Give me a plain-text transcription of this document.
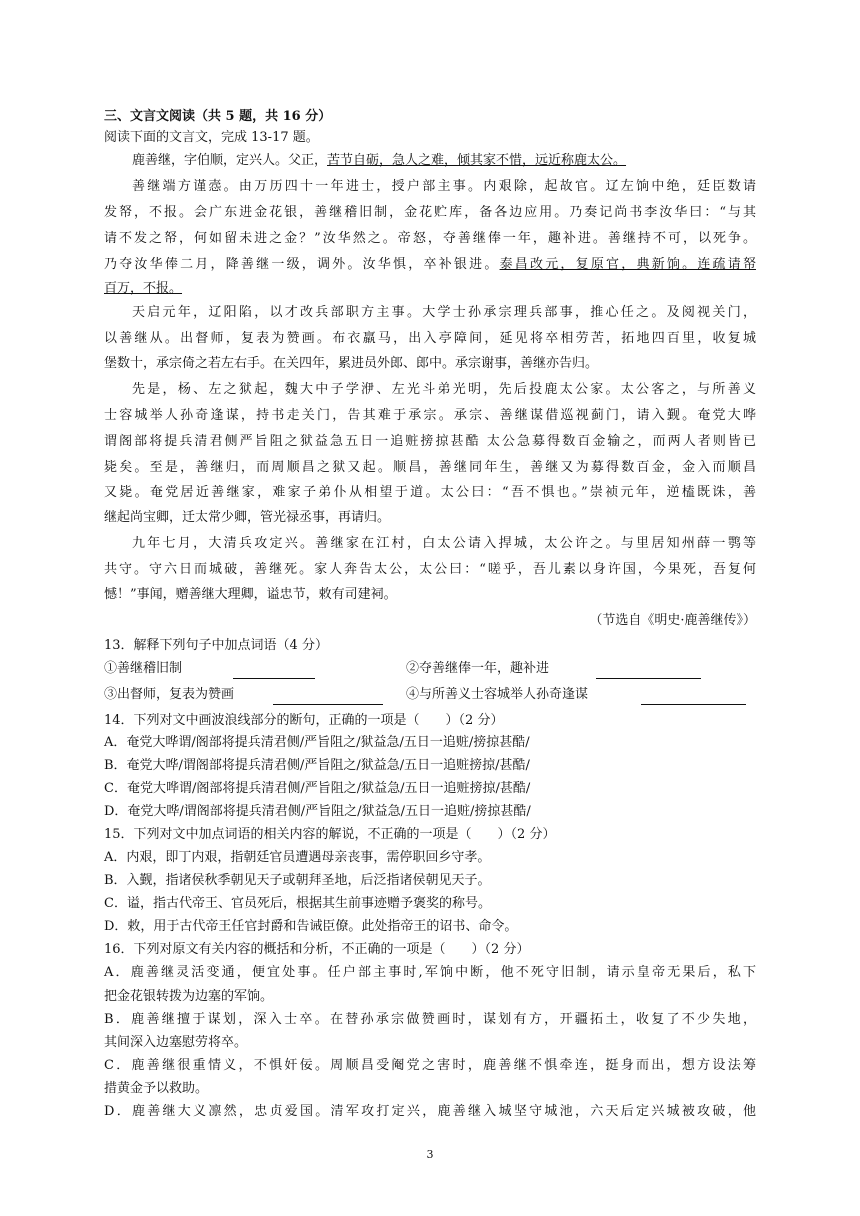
三、文言文阅读（共 5 题，共 16 分）
阅读下面的文言文，完成 13-17 题。
鹿善继，字伯顺，定兴人。父正，苦节自砺，急人之难，倾其家不惜，远近称鹿太公。
善继端方谨悫。由万历四十一年进士，授户部主事。内艰除，起故官。辽左饷中绝，廷臣数请
发帑，不报。会广东进金花银，善继稽旧制，金花贮库，备各边应用。乃奏记尚书李汝华曰：“与其
请不发之帑，何如留未进之金？”汝华然之。帝怒，夺善继俸一年，趣补进。善继持不可，以死争。
乃夺汝华俸二月，降善继一级，调外。汝华惧，卒补银进。泰昌改元，复原官，典新饷。连疏请帑
百万，不报。
天启元年，辽阳陷，以才改兵部职方主事。大学士孙承宗理兵部事，推心任之。及阅视关门，
以善继从。出督师，复表为赞画。布衣羸马，出入亭障间，延见将卒相劳苦，拓地四百里，收复城
堡数十，承宗倚之若左右手。在关四年，累进员外郎、郎中。承宗谢事，善继亦告归。
先是，杨、左之狱起，魏大中子学洢、左光斗弟光明，先后投鹿太公家。太公客之，与所善义
士容城举人孙奇逢谋，持书走关门，告其难于承宗。承宗、善继谋借巡视蓟门，请入觐。奄党大哗
谓阁部将提兵清君侧严旨阻之狱益急五日一追赃搒掠甚酷 太公急募得数百金输之，而两人者则皆已
毙矣。至是，善继归，而周顺昌之狱又起。顺昌，善继同年生，善继又为募得数百金，金入而顺昌
又毙。奄党居近善继家，难家子弟仆从相望于道。太公曰：“吾不惧也。”崇祯元年，逆榼既诛，善
继起尚宝卿，迁太常少卿，管光禄丞事，再请归。
九年七月，大清兵攻定兴。善继家在江村，白太公请入捍城，太公许之。与里居知州薛一鹗等
共守。守六日而城破，善继死。家人奔告太公，太公曰：“嗟乎，吾儿素以身许国，今果死，吾复何
憾！”事闻，赠善继大理卿，谥忠节，敕有司建祠。
（节选自《明史·鹿善继传》）
13．解释下列句子中加点词语（4 分）
①善继稽旧制	②夺善继俸一年，趣补进
③出督师，复表为赞画	④与所善义士容城举人孙奇逢谋
14．下列对文中画波浪线部分的断句，正确的一项是（　　）（2 分）
A．奄党大哗谓/阁部将提兵清君侧/严旨阻之/狱益急/五日一追赃/搒掠甚酷/
B．奄党大哗/谓阁部将提兵清君侧/严旨阻之/狱益急/五日一追赃搒掠/甚酷/
C．奄党大哗谓/阁部将提兵清君侧/严旨阻之/狱益急/五日一追赃搒掠/甚酷/
D．奄党大哗/谓阁部将提兵清君侧/严旨阻之/狱益急/五日一追赃/搒掠甚酷/
15．下列对文中加点词语的相关内容的解说，不正确的一项是（　　）（2 分）
A．内艰，即丁内艰，指朝廷官员遭遇母亲丧事，需停职回乡守孝。
B．入觐，指诸侯秋季朝见天子或朝拜圣地，后泛指诸侯朝见天子。
C．谥，指古代帝王、官员死后，根据其生前事迹赠予褒奖的称号。
D．敕，用于古代帝王任官封爵和告诫臣僚。此处指帝王的诏书、命令。
16．下列对原文有关内容的概括和分析，不正确的一项是（　　）（2 分）
A．鹿善继灵活变通，便宜处事。任户部主事时,军饷中断，他不死守旧制，请示皇帝无果后，私下
把金花银转拨为边塞的军饷。
B．鹿善继擅于谋划，深入士卒。在替孙承宗做赞画时，谋划有方，开疆拓土，收复了不少失地，
其间深入边塞慰劳将卒。
C．鹿善继很重情义，不惧奸佞。周顺昌受阉党之害时，鹿善继不惧牵连，挺身而出，想方设法筹
措黄金予以救助。
D．鹿善继大义凛然，忠贞爱国。清军攻打定兴，鹿善继入城坚守城池，六天后定兴城被攻破，他
3
